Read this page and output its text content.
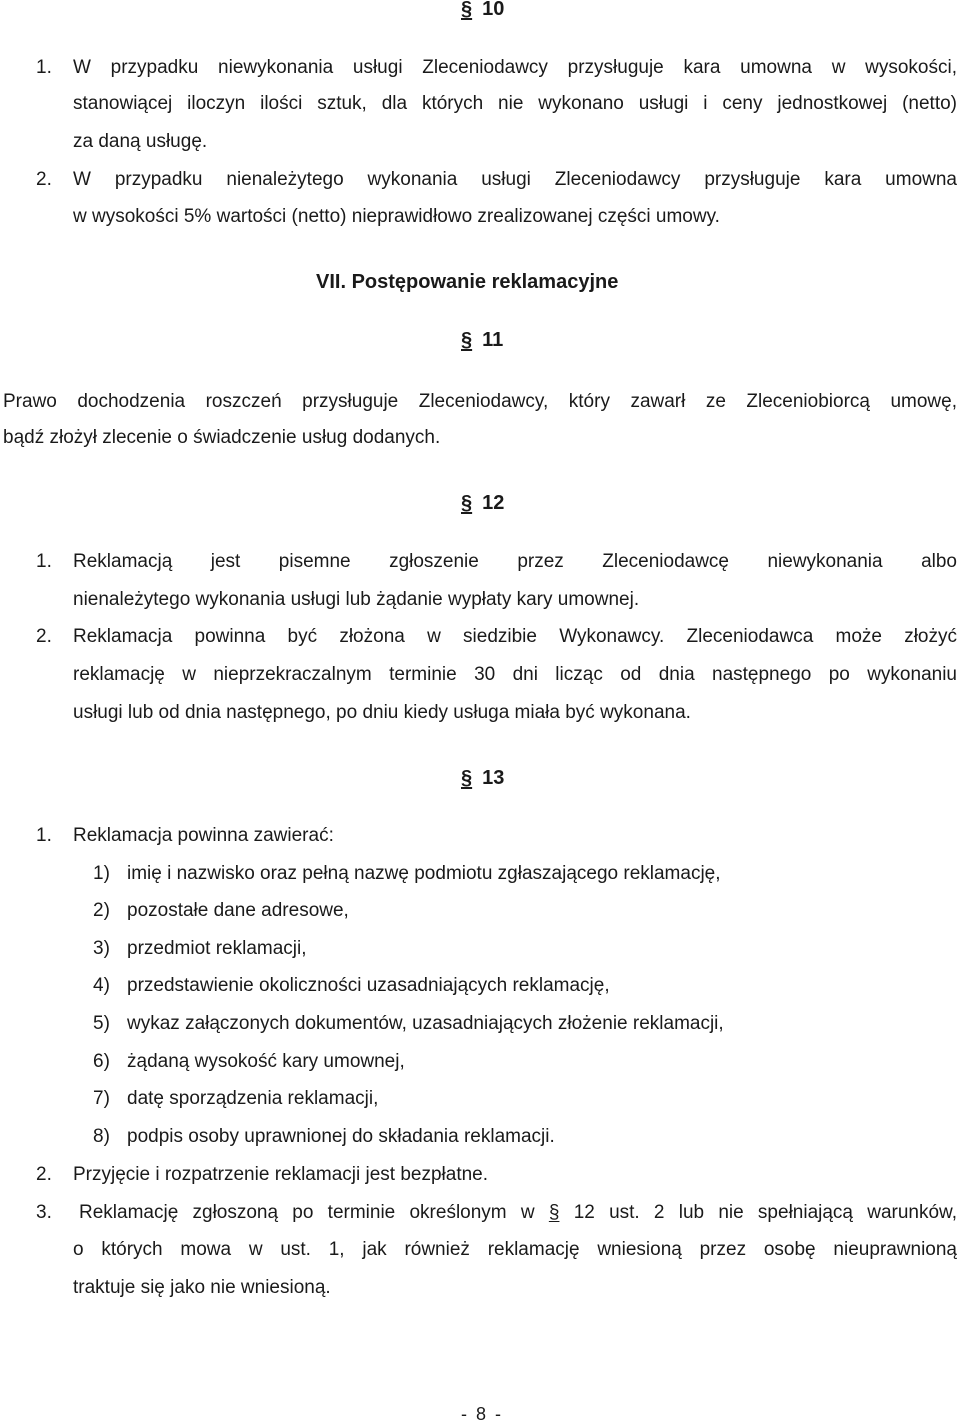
§ 10
1. W przypadku niewykonania usługi Zleceniodawcy przysługuje kara umowna w wysokości,
stanowiącej iloczyn ilości sztuk, dla których nie wykonano usługi i ceny jednostkowej (netto)
za daną usługę.
2. W przypadku nienależytego wykonania usługi Zleceniodawcy przysługuje kara umowna
w wysokości 5% wartości (netto) nieprawidłowo zrealizowanej części umowy.
VII. Postępowanie reklamacyjne
§ 11
Prawo dochodzenia roszczeń przysługuje Zleceniodawcy, który zawarł ze Zleceniobiorcą umowę,
bądź złożył zlecenie o świadczenie usług dodanych.
§ 12
1. Reklamacją jest pisemne zgłoszenie przez Zleceniodawcę niewykonania albo
nienależytego wykonania usługi lub żądanie wypłaty kary umownej.
2. Reklamacja powinna być złożona w siedzibie Wykonawcy. Zleceniodawca może złożyć
reklamację w nieprzekraczalnym terminie 30 dni licząc od dnia następnego po wykonaniu
usługi lub od dnia następnego, po dniu kiedy usługa miała być wykonana.
§ 13
1. Reklamacja powinna zawierać:
1) imię i nazwisko oraz pełną nazwę podmiotu zgłaszającego reklamację,
2) pozostałe dane adresowe,
3) przedmiot reklamacji,
4) przedstawienie okoliczności uzasadniających reklamację,
5) wykaz załączonych dokumentów, uzasadniających złożenie reklamacji,
6) żądaną wysokość kary umownej,
7) datę sporządzenia reklamacji,
8) podpis osoby uprawnionej do składania reklamacji.
2. Przyjęcie i rozpatrzenie reklamacji jest bezpłatne.
3. Reklamację zgłoszoną po terminie określonym w § 12 ust. 2 lub nie spełniającą warunków,
o których mowa w ust. 1, jak również reklamację wniesioną przez osobę nieuprawnioną
traktuje się jako nie wniesioną.
- 8 -
